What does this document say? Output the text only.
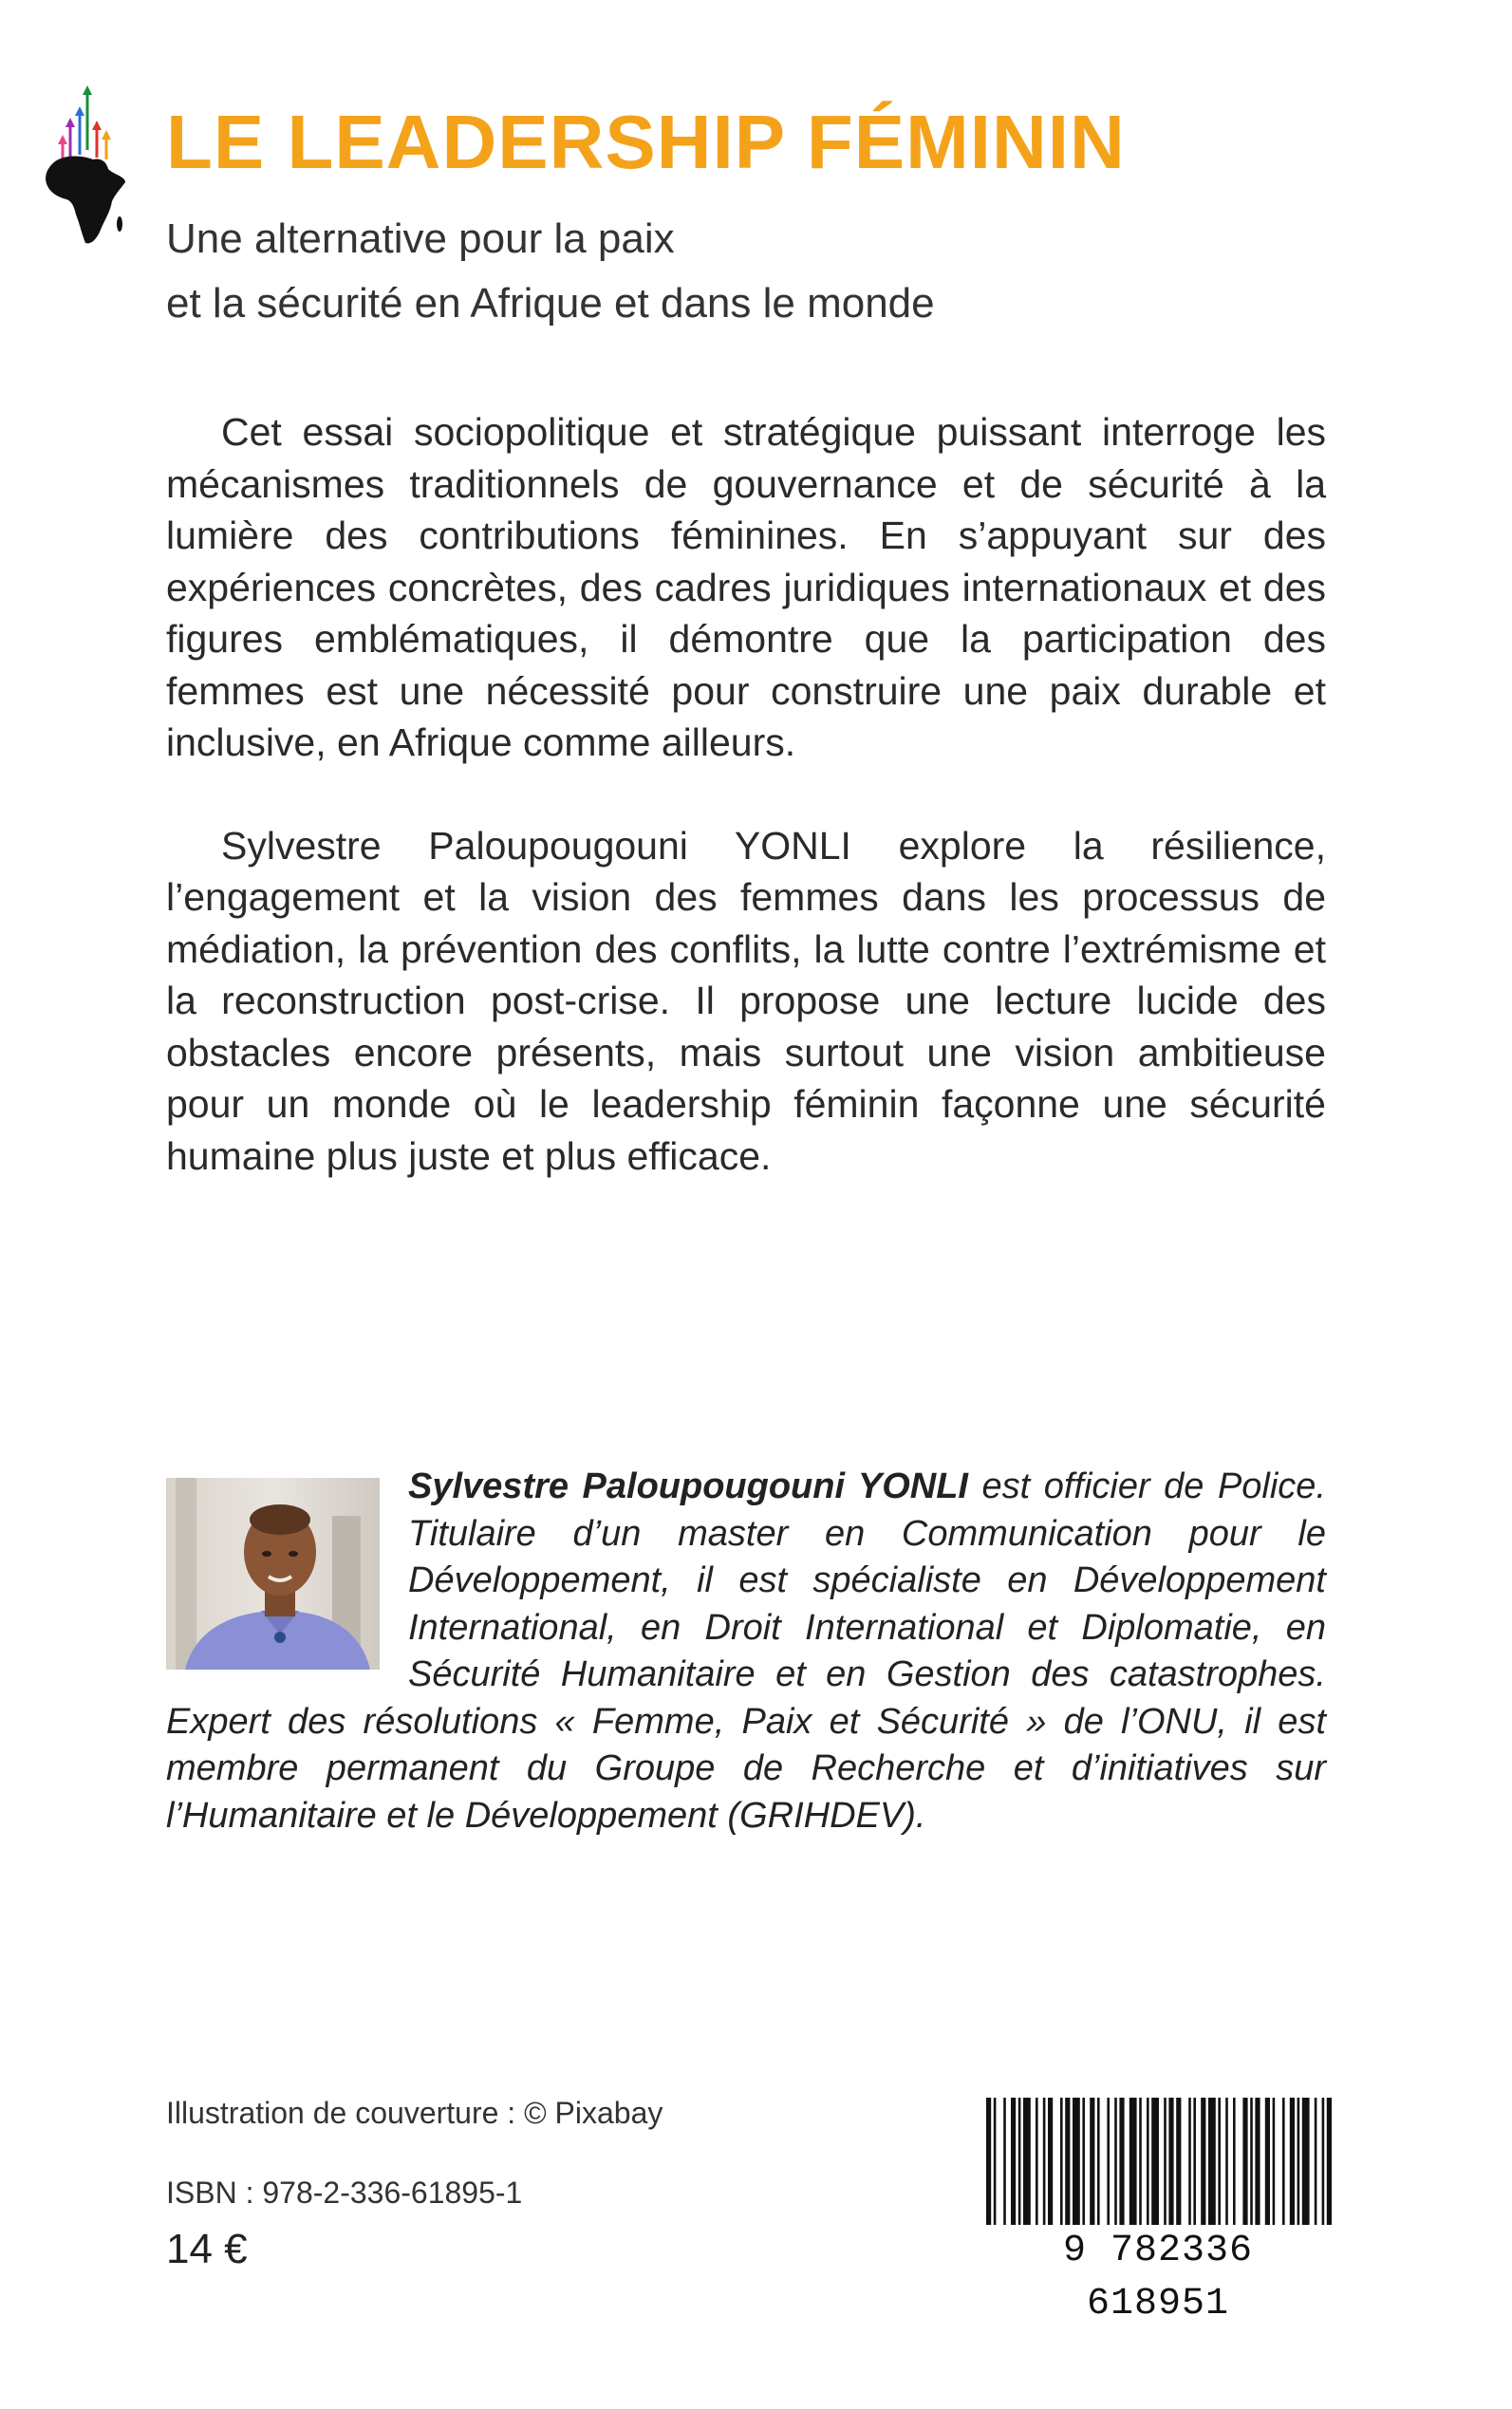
LE LEADERSHIP FÉMININ
Une alternative pour la paix
et la sécurité en Afrique et dans le monde

Cet essai sociopolitique et stratégique puissant interroge les mécanismes traditionnels de gouvernance et de sécurité à la lumière des contributions féminines. En s’appuyant sur des expériences concrètes, des cadres juridiques internationaux et des figures emblématiques, il démontre que la participation des femmes est une nécessité pour construire une paix durable et inclusive, en Afrique comme ailleurs.

Sylvestre Paloupougouni YONLI explore la résilience, l’engagement et la vision des femmes dans les processus de médiation, la prévention des conflits, la lutte contre l’extrémisme et la reconstruction post-crise. Il propose une lecture lucide des obstacles encore présents, mais surtout une vision ambitieuse pour un monde où le leadership féminin façonne une sécurité humaine plus juste et plus efficace.

Sylvestre Paloupougouni YONLI est officier de Police. Titulaire d’un master en Communication pour le Développement, il est spécialiste en Développement International, en Droit International et Diplomatie, en Sécurité Humanitaire et en Gestion des catastrophes. Expert des résolutions « Femme, Paix et Sécurité » de l’ONU, il est membre permanent du Groupe de Recherche et d’initiatives sur l’Humanitaire et le Développement (GRIHDEV).
Illustration de couverture : © Pixabay
ISBN : 978-2-336-61895-1
14 €	9 782336 618951
